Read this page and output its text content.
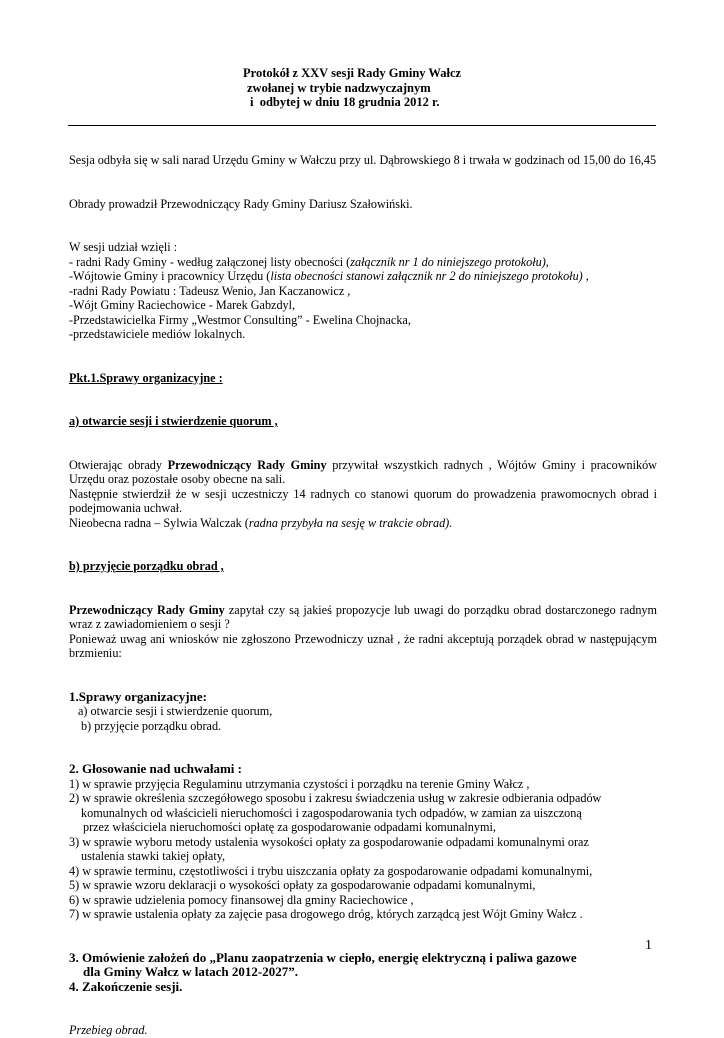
Protokół z XXV sesji Rady Gminy Wałcz
zwołanej w trybie nadzwyczajnym
i  odbytej w dniu 18 grudnia 2012 r.

Sesja odbyła się w sali narad Urzędu Gminy w Wałczu przy ul. Dąbrowskiego 8 i trwała w godzinach od 15,00 do 16,45

Obrady prowadził Przewodniczący Rady Gminy Dariusz Szałowiński.

W sesji udział wzięli :

- radni Rady Gminy - według załączonej listy obecności (załącznik nr 1 do niniejszego protokołu),

-Wójtowie Gminy i pracownicy Urzędu (lista obecności stanowi załącznik nr 2 do niniejszego protokołu) ,

-radni Rady Powiatu : Tadeusz Wenio, Jan Kaczanowicz ,

-Wójt Gminy Raciechowice - Marek Gabzdyl,

-Przedstawicielka Firmy „Westmor Consulting” - Ewelina Chojnacka,

-przedstawiciele mediów lokalnych.

Pkt.1.Sprawy organizacyjne :

a) otwarcie sesji i stwierdzenie quorum ,

Otwierając obrady Przewodniczący Rady Gminy przywitał wszystkich radnych , Wójtów Gminy i pracowników Urzędu oraz pozostałe osoby obecne na sali.

Następnie stwierdził że w sesji uczestniczy 14 radnych co stanowi quorum do prowadzenia prawomocnych obrad i podejmowania uchwał.

Nieobecna radna – Sylwia Walczak (radna przybyła na sesję w trakcie obrad).

b) przyjęcie porządku obrad ,

Przewodniczący Rady Gminy zapytał czy są jakieś propozycje lub uwagi do porządku obrad dostarczonego radnym wraz z zawiadomieniem o sesji ?

Ponieważ uwag ani wniosków nie zgłoszono Przewodniczy uznał , że radni akceptują porządek obrad w następującym brzmieniu:

1.Sprawy organizacyjne:

a) otwarcie sesji i stwierdzenie quorum,

b) przyjęcie porządku obrad.

2. Głosowanie nad uchwałami :

1) w sprawie przyjęcia Regulaminu utrzymania czystości i porządku na terenie Gminy Wałcz ,

2) w sprawie określenia szczegółowego sposobu i zakresu świadczenia usług w zakresie odbierania odpadów

komunalnych od właścicieli nieruchomości i zagospodarowania tych odpadów, w zamian za uiszczoną

przez właściciela nieruchomości opłatę za gospodarowanie odpadami komunalnymi,

3) w sprawie wyboru metody ustalenia wysokości opłaty za gospodarowanie odpadami komunalnymi oraz

ustalenia stawki takiej opłaty,

4) w sprawie terminu, częstotliwości i trybu uiszczania opłaty za gospodarowanie odpadami komunalnymi,

5) w sprawie wzoru deklaracji o wysokości opłaty za gospodarowanie odpadami komunalnymi,

6) w sprawie udzielenia pomocy finansowej dla gminy Raciechowice ,

7) w sprawie ustalenia opłaty za zajęcie pasa drogowego dróg, których zarządcą jest Wójt Gminy Wałcz .

3. Omówienie założeń do „Planu zaopatrzenia w ciepło, energię elektryczną i paliwa gazowe

dla Gminy Wałcz w latach 2012-2027”.

4. Zakończenie sesji.

Przebieg obrad.

1
